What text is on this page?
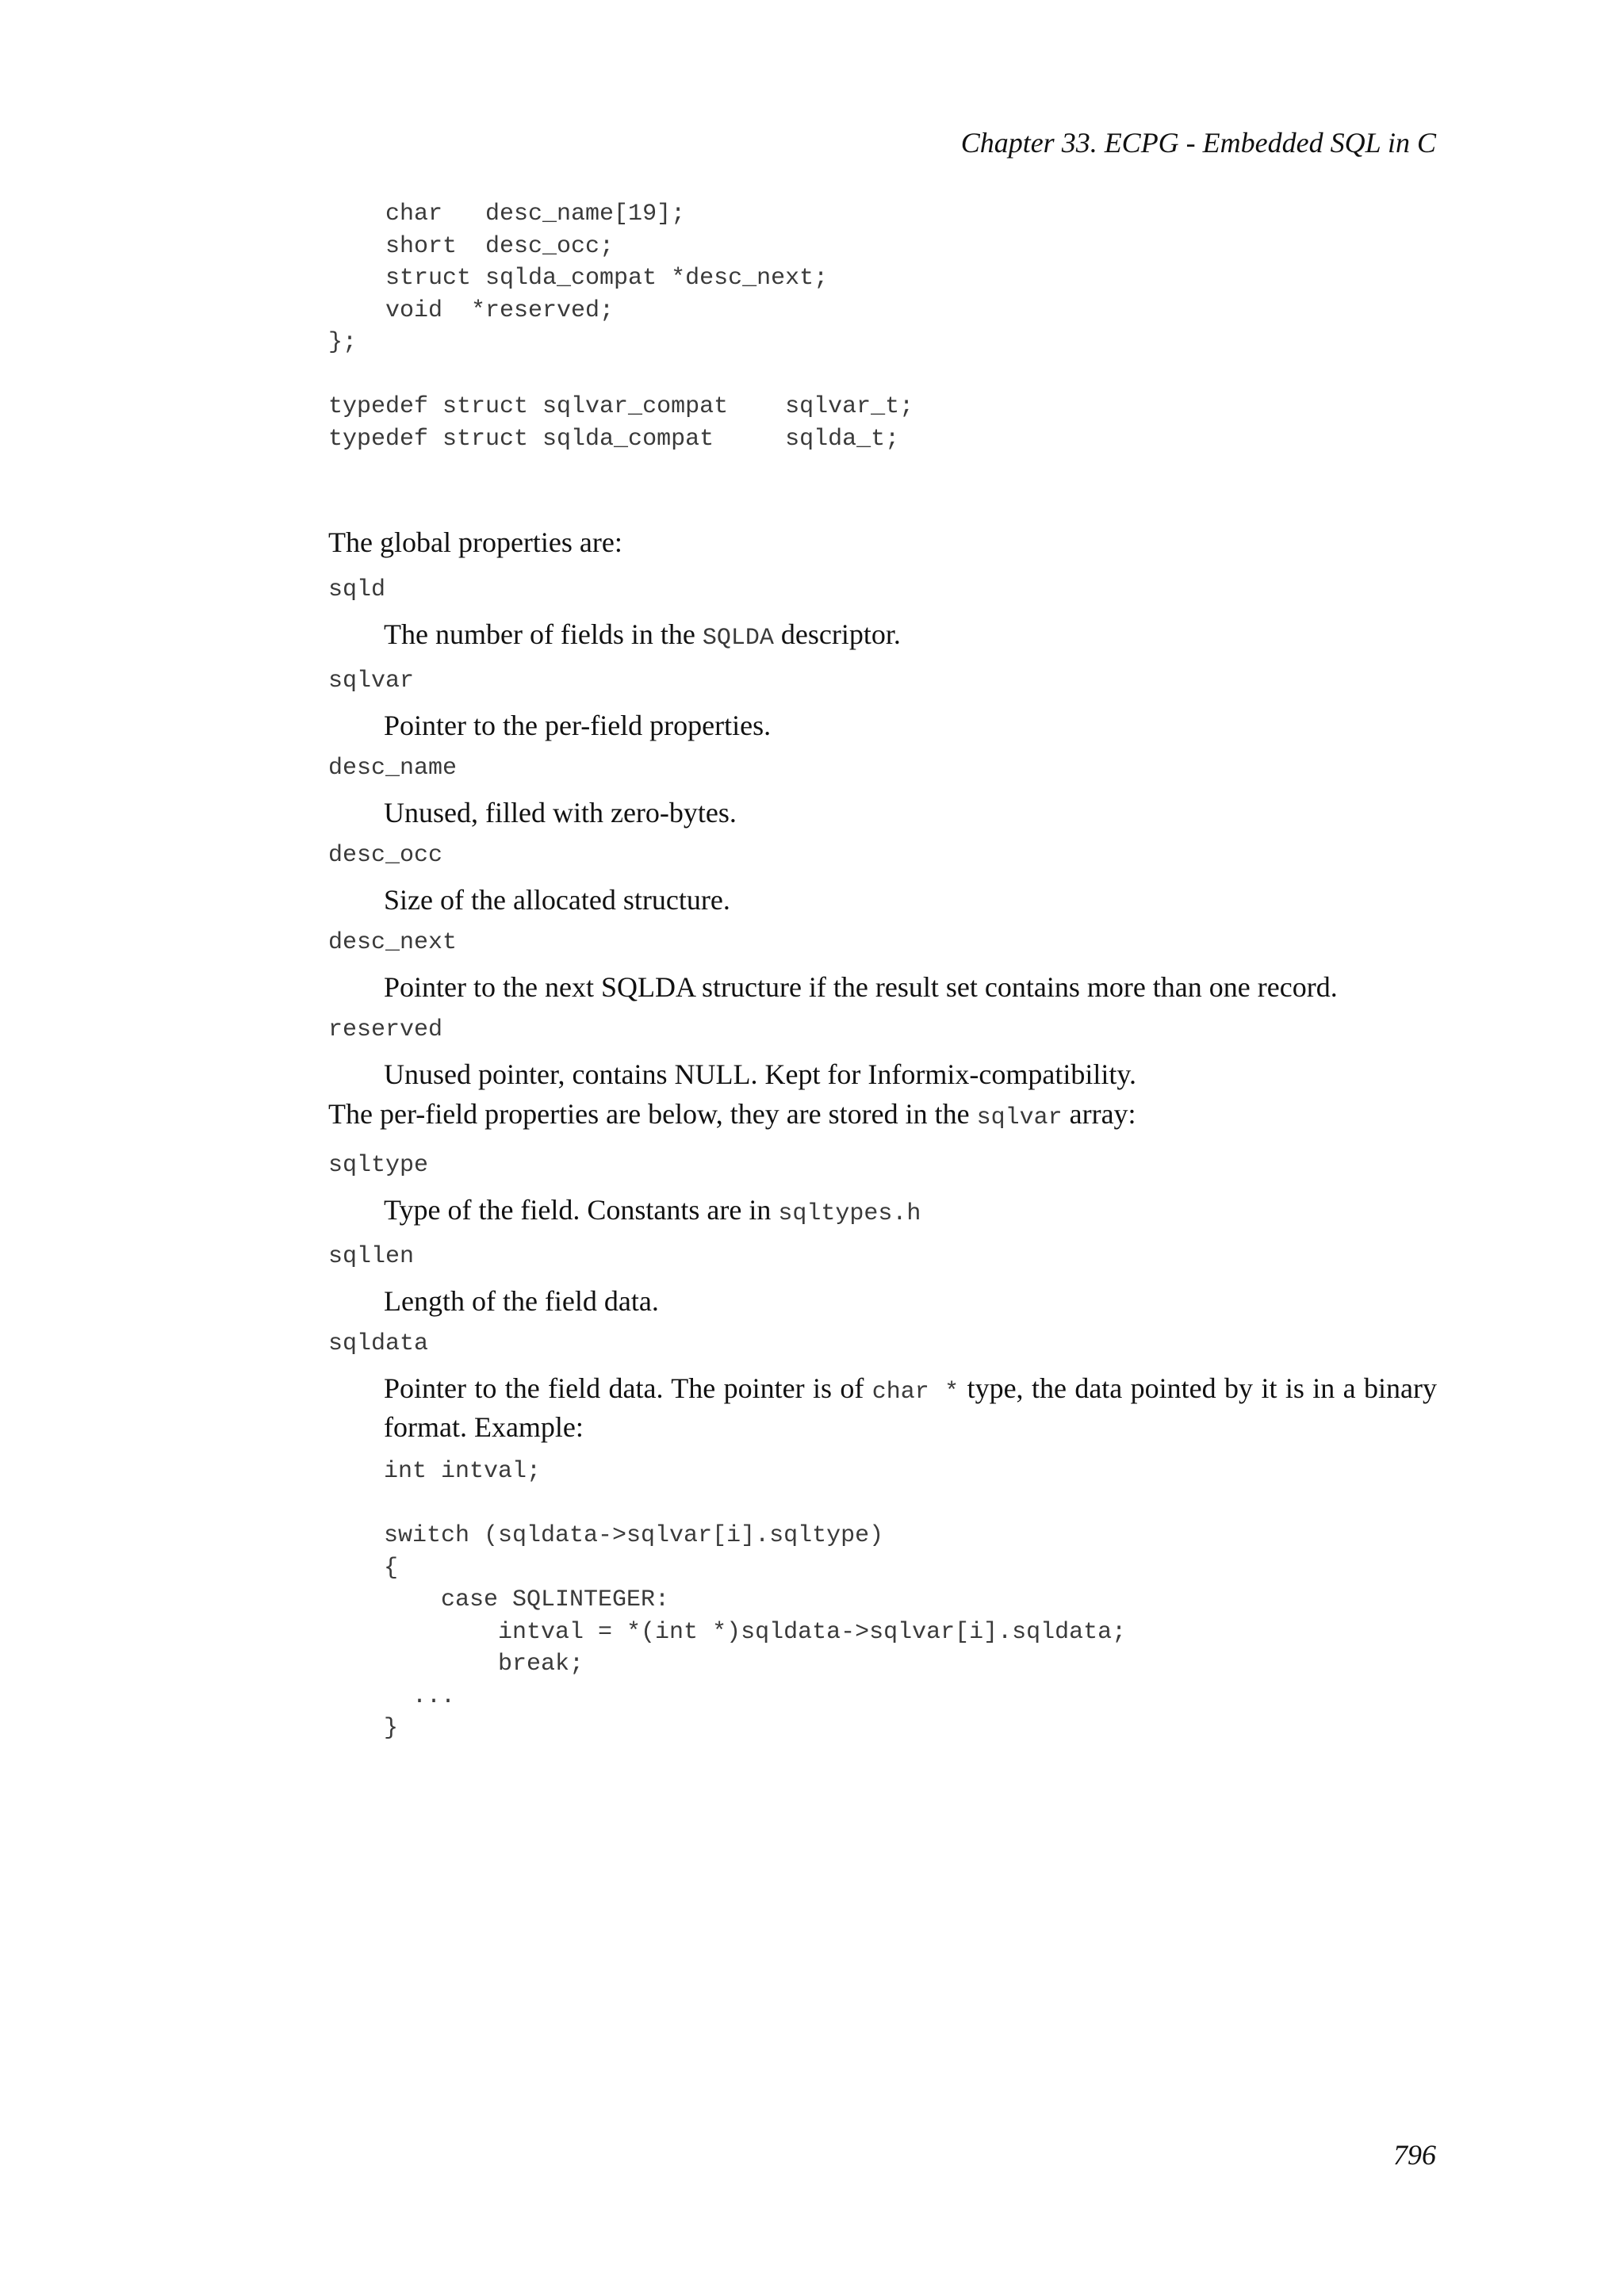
Chapter 33. ECPG - Embedded SQL in C
char   desc_name[19];
short  desc_occ;
struct sqlda_compat *desc_next;
void  *reserved;
};

typedef struct sqlvar_compat    sqlvar_t;
typedef struct sqlda_compat     sqlda_t;

The global properties are:

sqld

The number of fields in the SQLDA descriptor.

sqlvar

Pointer to the per-field properties.

desc_name

Unused, filled with zero-bytes.

desc_occ

Size of the allocated structure.

desc_next

Pointer to the next SQLDA structure if the result set contains more than one record.

reserved

Unused pointer, contains NULL. Kept for Informix-compatibility.

The per-field properties are below, they are stored in the sqlvar array:

sqltype

Type of the field. Constants are in sqltypes.h

sqllen

Length of the field data.

sqldata

Pointer to the field data. The pointer is of char * type, the data pointed by it is in a binary format. Example:

int intval;

switch (sqldata->sqlvar[i].sqltype)
{
case SQLINTEGER:
intval = *(int *)sqldata->sqlvar[i].sqldata;
break;
...
}
796
